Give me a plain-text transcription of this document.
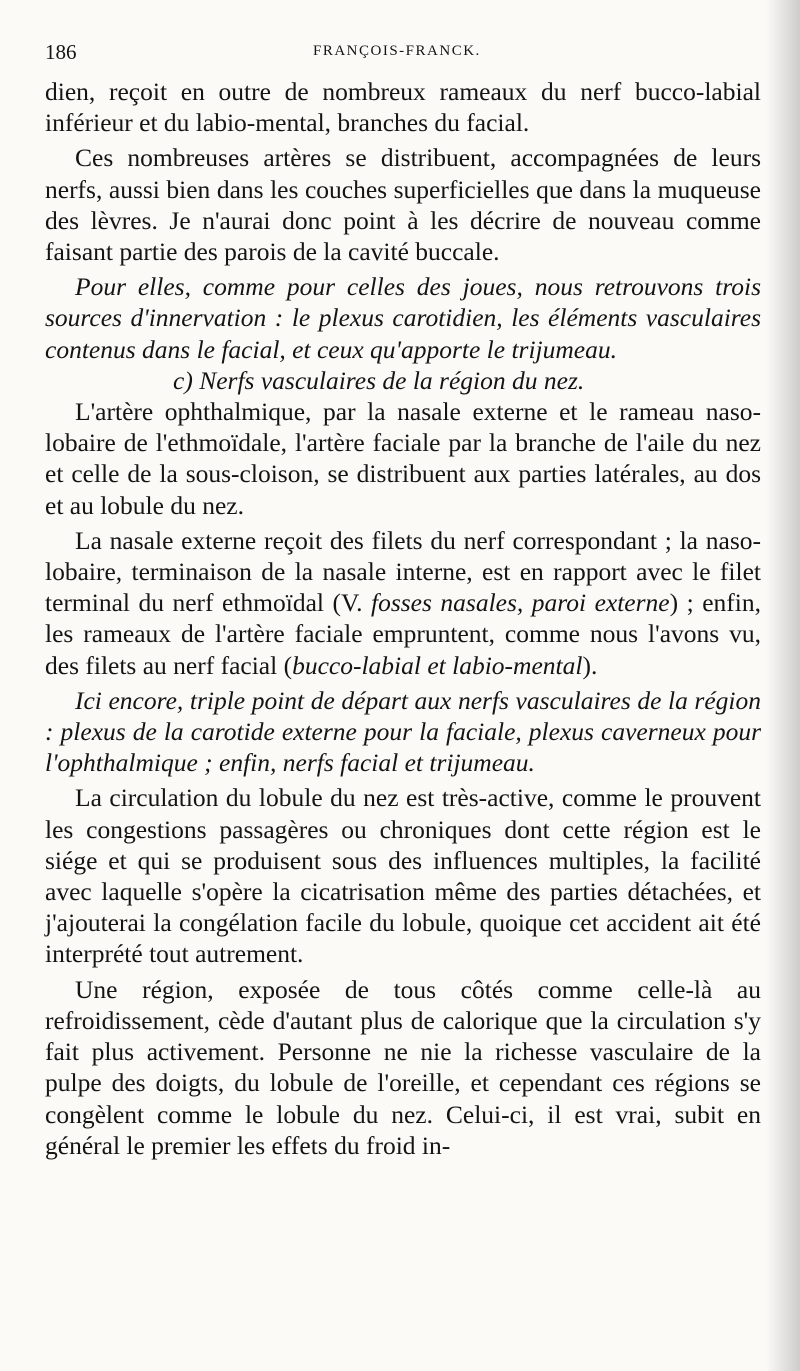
186	FRANÇOIS-FRANCK.

dien, reçoit en outre de nombreux rameaux du nerf bucco-labial inférieur et du labio-mental, branches du facial.

Ces nombreuses artères se distribuent, accompagnées de leurs nerfs, aussi bien dans les couches superficielles que dans la muqueuse des lèvres. Je n'aurai donc point à les décrire de nouveau comme faisant partie des parois de la cavité buccale.

Pour elles, comme pour celles des joues, nous retrouvons trois sources d'innervation : le plexus carotidien, les éléments vasculaires contenus dans le facial, et ceux qu'apporte le trijumeau.

c) Nerfs vasculaires de la région du nez.

L'artère ophthalmique, par la nasale externe et le rameau naso-lobaire de l'ethmoïdale, l'artère faciale par la branche de l'aile du nez et celle de la sous-cloison, se distribuent aux parties latérales, au dos et au lobule du nez.

La nasale externe reçoit des filets du nerf correspondant ; la naso-lobaire, terminaison de la nasale interne, est en rapport avec le filet terminal du nerf ethmoïdal (V. fosses nasales, paroi externe) ; enfin, les rameaux de l'artère faciale empruntent, comme nous l'avons vu, des filets au nerf facial (bucco-labial et labio-mental).

Ici encore, triple point de départ aux nerfs vasculaires de la région : plexus de la carotide externe pour la faciale, plexus caverneux pour l'ophthalmique ; enfin, nerfs facial et trijumeau.

La circulation du lobule du nez est très-active, comme le prouvent les congestions passagères ou chroniques dont cette région est le siége et qui se produisent sous des influences multiples, la facilité avec laquelle s'opère la cicatrisation même des parties détachées, et j'ajouterai la congélation facile du lobule, quoique cet accident ait été interprété tout autrement.

Une région, exposée de tous côtés comme celle-là au refroidissement, cède d'autant plus de calorique que la circulation s'y fait plus activement. Personne ne nie la richesse vasculaire de la pulpe des doigts, du lobule de l'oreille, et cependant ces régions se congèlent comme le lobule du nez. Celui-ci, il est vrai, subit en général le premier les effets du froid in-
